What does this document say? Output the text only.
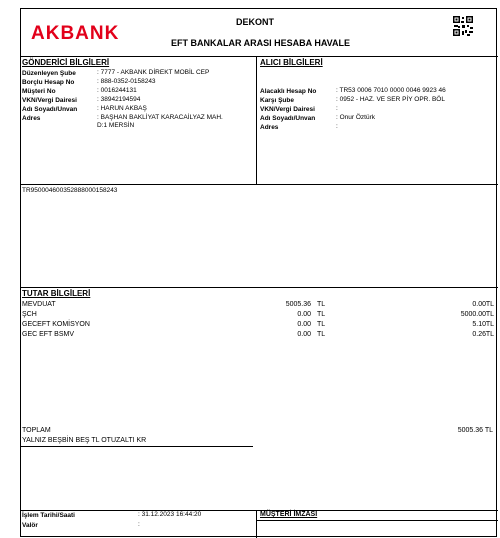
AKBANK
DEKONT
EFT BANKALAR ARASI HESABA HAVALE
GÖNDERİCİ BİLGİLERİ
Düzenleyen Şube	: 7777 - AKBANK DİREKT MOBİL CEP
Borçlu Hesap No	: 888-0352-0158243
Müşteri No	: 0016244131
VKN/Vergi Dairesi	: 38942194594
Adı Soyadı/Unvan	: HARUN AKBAŞ
Adres	: BAŞHAN BAKLİYAT KARACAİLYAZ MAH.
D:1 MERSİN
ALICI BİLGİLERİ
Alacaklı Hesap No	: TR53 0006 7010 0000 0046 9923 46
Karşı Şube	: 0952 - HAZ. VE SER PİY OPR. BÖL
VKN/Vergi Dairesi	:
Adı Soyadı/Unvan	: Onur Öztürk
Adres	:
TR950004600352888000158243
TUTAR BİLGİLERİ
MEVDUAT	5005.36 TL	0.00 TL
ŞCH	0.00 TL	5000.00 TL
GECEFT KOMİSYON	0.00 TL	5.10 TL
GEC EFT BSMV	0.00 TL	0.26 TL
TOPLAM	5005.36 TL
YALNIZ BEŞBİN BEŞ TL OTUZALTI KR
İşlem Tarihi/Saati	: 31.12.2023 16:44:20
Valör	:
MÜŞTERİ İMZASI
